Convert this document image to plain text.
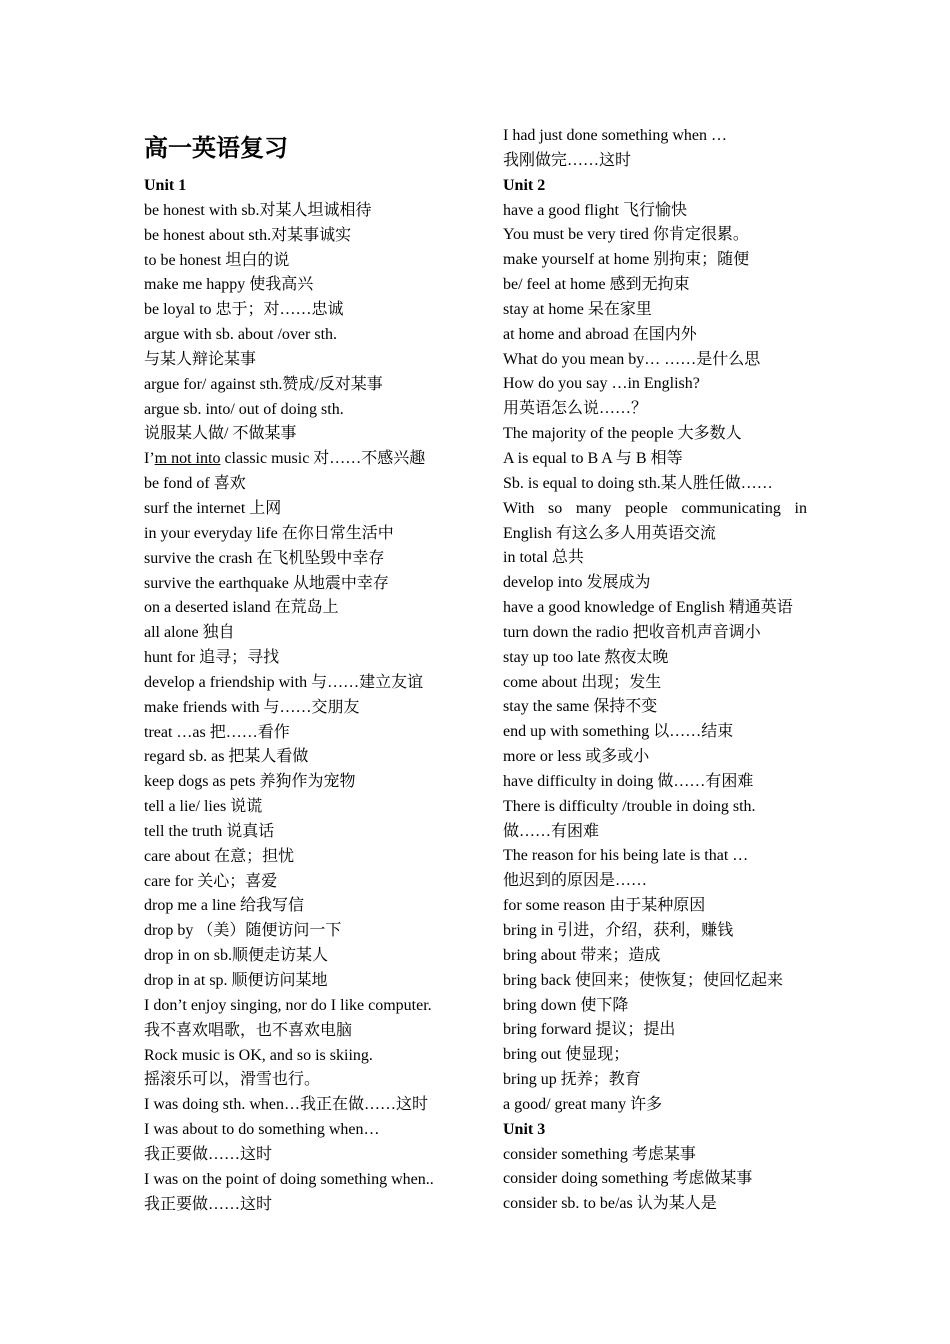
高一英语复习
Unit 1
be honest with sb.对某人坦诚相待
be honest about sth.对某事诚实
to be honest 坦白的说
make me happy 使我高兴
be loyal to 忠于；对……忠诚
argue with sb. about /over sth.
与某人辩论某事
argue for/ against sth.赞成/反对某事
argue sb. into/ out of doing sth.
说服某人做/ 不做某事
I’m not into classic music 对……不感兴趣
be fond of 喜欢
surf the internet 上网
in your everyday life 在你日常生活中
survive the crash 在飞机坠毁中幸存
survive the earthquake 从地震中幸存
on a deserted island 在荒岛上
all alone 独自
hunt for 追寻；寻找
develop a friendship with 与……建立友谊
make friends with 与……交朋友
treat …as 把……看作
regard sb. as 把某人看做
keep dogs as pets 养狗作为宠物
tell a lie/ lies 说谎
tell the truth 说真话
care about 在意；担忧
care for 关心；喜爱
drop me a line 给我写信
drop by （美）随便访问一下
drop in on sb.顺便走访某人
drop in at sp. 顺便访问某地
I don’t enjoy singing, nor do I like computer.
我不喜欢唱歌，也不喜欢电脑
Rock music is OK, and so is skiing.
摇滚乐可以，滑雪也行。
I was doing sth. when…我正在做……这时
I was about to do something when…
我正要做……这时
I was on the point of doing something when..
我正要做……这时
I had just done something when …
我刚做完……这时
Unit 2
have a good flight 飞行愉快
You must be very tired 你肯定很累。
make yourself at home 别拘束；随便
be/ feel at home 感到无拘束
stay at home 呆在家里
at home and abroad 在国内外
What do you mean by… ……是什么思
How do you say …in English?
用英语怎么说……？
The majority of the people 大多数人
A is equal to B A 与 B 相等
Sb. is equal to doing sth.某人胜任做……
With so many people communicating in
English 有这么多人用英语交流
in total 总共
develop into 发展成为
have a good knowledge of English 精通英语
turn down the radio 把收音机声音调小
stay up too late 熬夜太晚
come about 出现；发生
stay the same 保持不变
end up with something 以……结束
more or less 或多或小
have difficulty in doing 做……有困难
There is difficulty /trouble in doing sth.
做……有困难
The reason for his being late is that …
他迟到的原因是……
for some reason 由于某种原因
bring in 引进，介绍，获利，赚钱
bring about 带来；造成
bring back 使回来；使恢复；使回忆起来
bring down 使下降
bring forward 提议；提出
bring out 使显现；
bring up 抚养；教育
a good/ great many 许多
Unit 3
consider something 考虑某事
consider doing something 考虑做某事
consider sb. to be/as 认为某人是
